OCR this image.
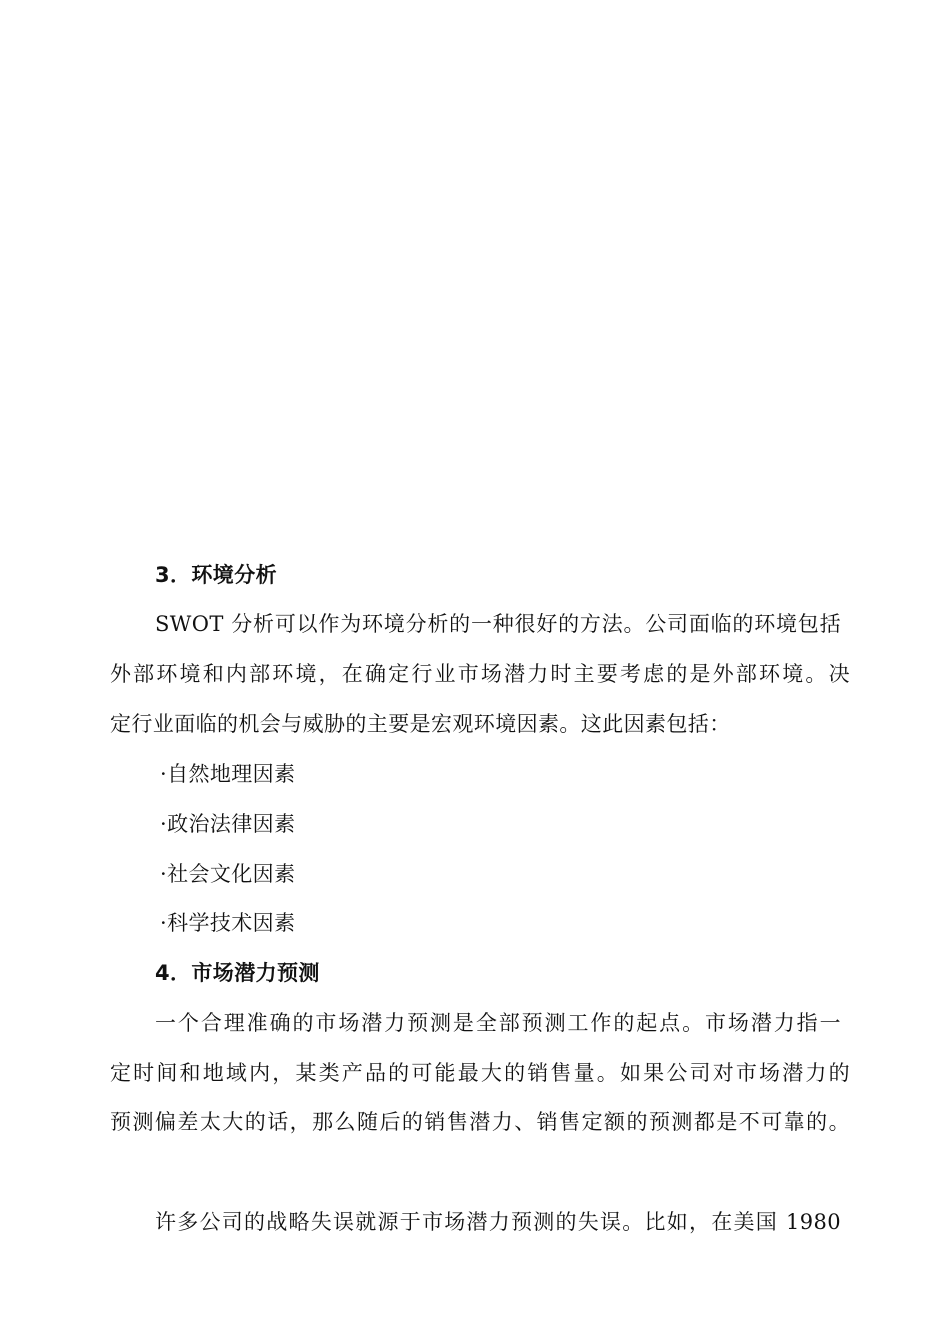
3．环境分析
SWOT 分析可以作为环境分析的一种很好的方法。公司面临的环境包括
外部环境和内部环境，在确定行业市场潜力时主要考虑的是外部环境。决
定行业面临的机会与威胁的主要是宏观环境因素。这此因素包括：
·自然地理因素
·政治法律因素
·社会文化因素
·科学技术因素
4．市场潜力预测
一个合理准确的市场潜力预测是全部预测工作的起点。市场潜力指一
定时间和地域内，某类产品的可能最大的销售量。如果公司对市场潜力的
预测偏差太大的话，那么随后的销售潜力、销售定额的预测都是不可靠的。
许多公司的战略失误就源于市场潜力预测的失误。比如，在美国 1980
